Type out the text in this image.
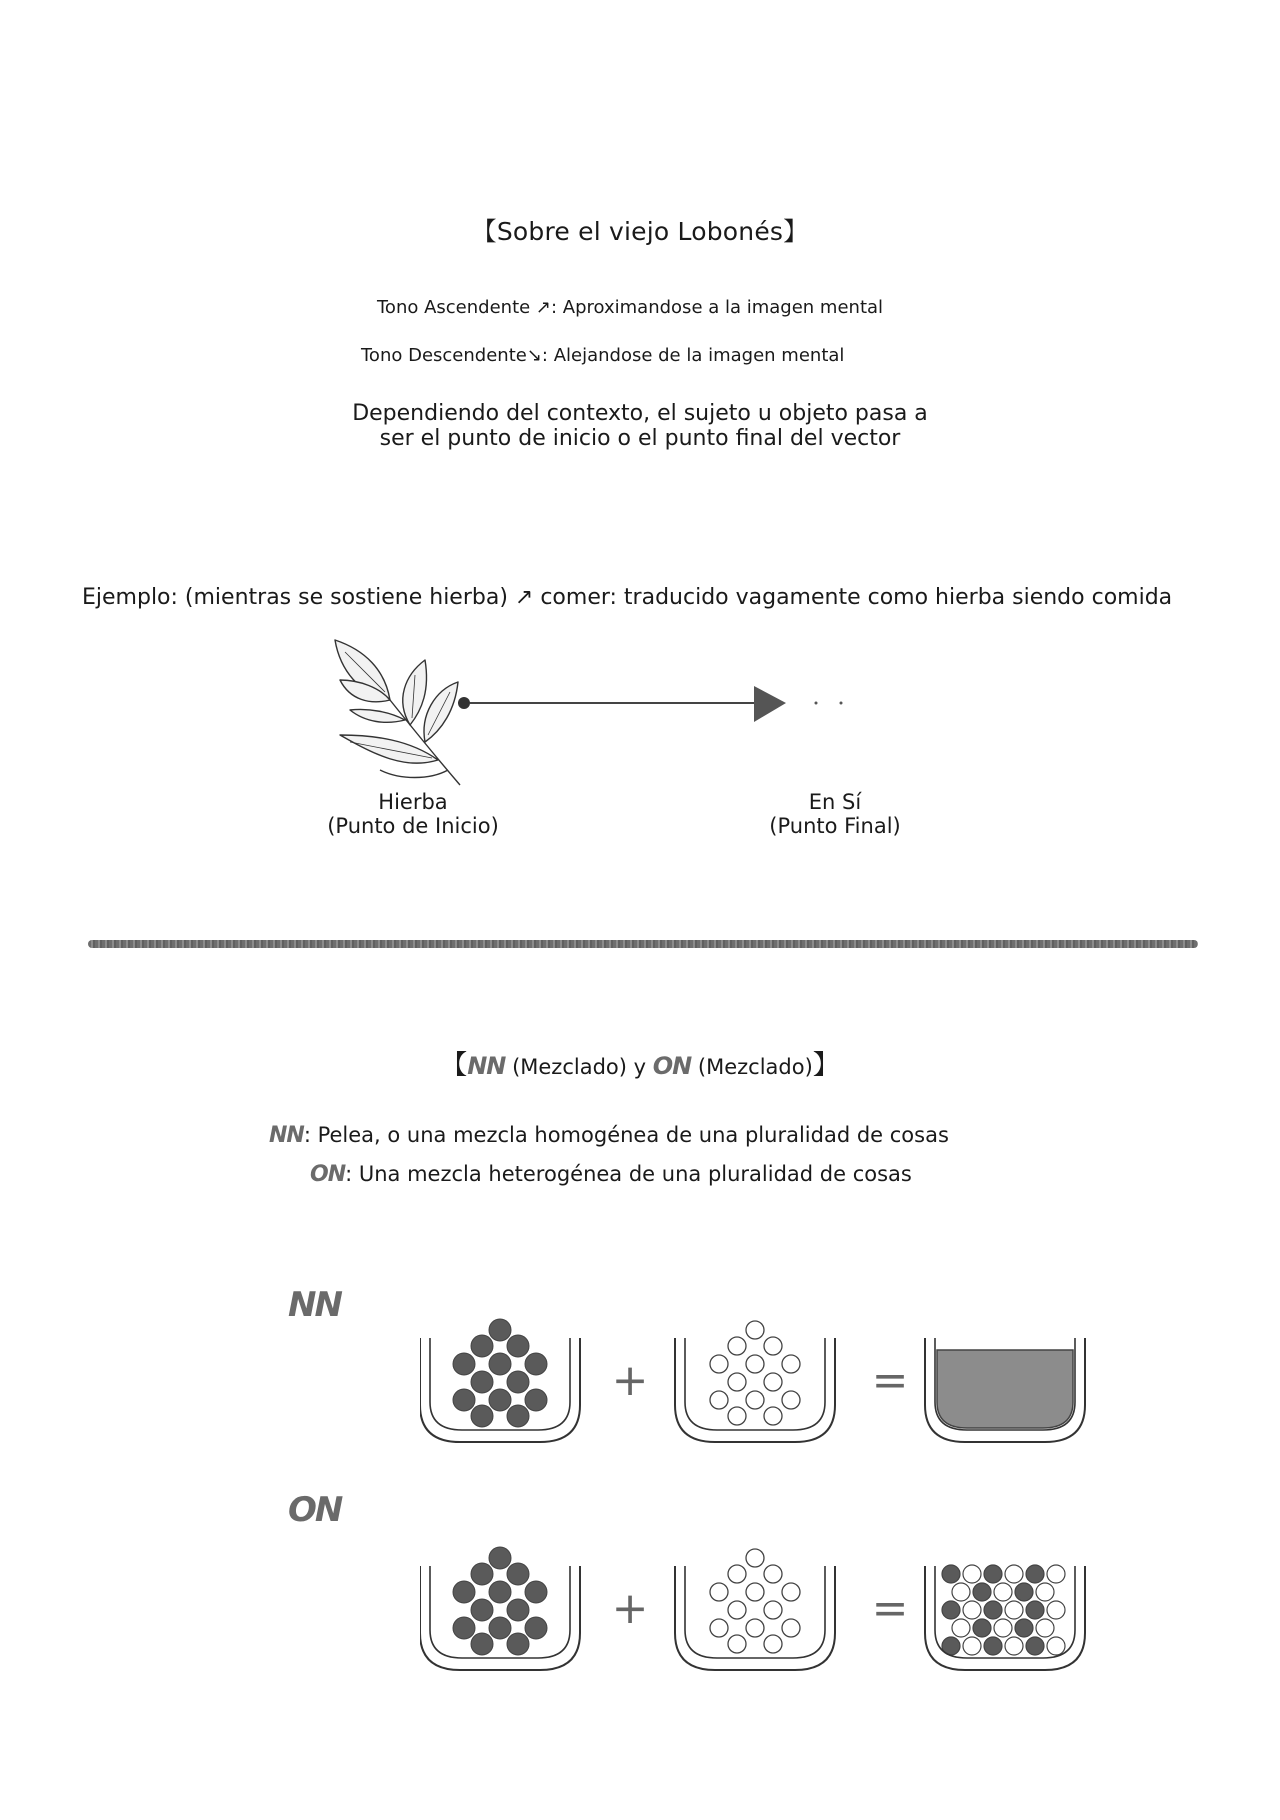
【Sobre el viejo Lobonés】
Tono Ascendente ↗: Aproximandose a la imagen mental
Tono Descendente↘: Alejandose de la imagen mental
Dependiendo del contexto, el sujeto u objeto pasa a
ser el punto de inicio o el punto final del vector
Ejemplo: (mientras se sostiene hierba) ↗ comer: traducido vagamente como hierba siendo comida
Hierba
(Punto de Inicio)
En Sí
(Punto Final)
【NN (Mezclado) y ON (Mezclado)】
NN: Pelea, o una mezcla homogénea de una pluralidad de cosas
ON: Una mezcla heterogénea de una pluralidad de cosas
NN
ON
+	=
+	=
